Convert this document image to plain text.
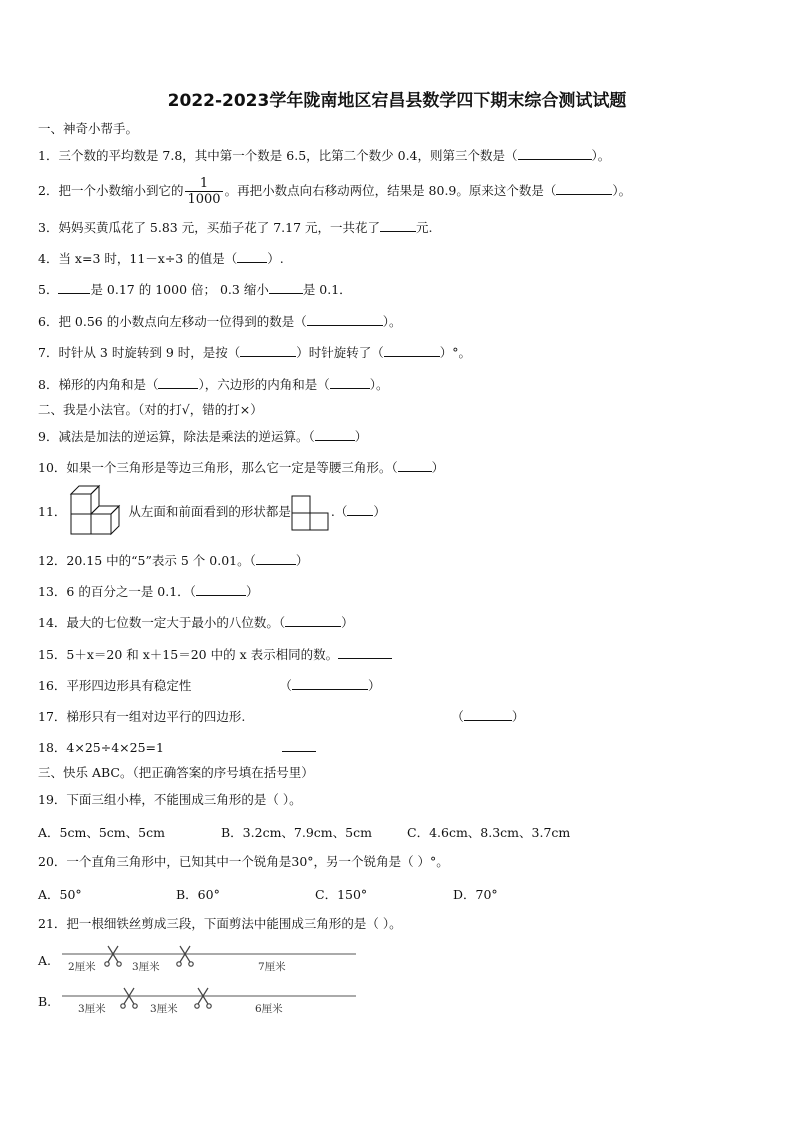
2022-2023学年陇南地区宕昌县数学四下期末综合测试试题
一、神奇小帮手。
1．三个数的平均数是 7.8，其中第一个数是 6.5，比第二个数少 0.4，则第三个数是（	）。
2．把一个小数缩小到它的 $\frac{1}{1000}$ 。再把小数点向右移动两位，结果是 80.9。原来这个数是（	）。
3．妈妈买黄瓜花了 5.83 元，买茄子花了 7.17 元，一共花了	元.
4．当 x=3 时，11－x÷3 的值是（ ）.
5．	是 0.17 的 1000 倍； 0.3 缩小	是 0.1．
6．把 0.56 的小数点向左移动一位得到的数是（	）。
7．时针从 3 时旋转到 9 时，是按（	）时针旋转了（	）°。
8．梯形的内角和是（	），六边形的内角和是（	）。
二、我是小法官。（对的打√，错的打×）
9．减法是加法的逆运算，除法是乘法的逆运算。（	）
10．如果一个三角形是等边三角形，那么它一定是等腰三角形。（	）
11．	从左面和前面看到的形状都是	.（ ）
12．20.15 中的“5”表示 5 个 0.01。（	）
13．6 的百分之一是 0.1．（	）
14．最大的七位数一定大于最小的八位数。（	）
15．5＋x＝20 和 x＋15＝20 中的 x 表示相同的数。
16．平形四边形具有稳定性	（	）
17．梯形只有一组对边平行的四边形.	（	）
18．4×25÷4×25=1
三、快乐 ABC。（把正确答案的序号填在括号里）
19．下面三组小棒，不能围成三角形的是（ ）。
A．5cm、5cm、5cm	B．3.2cm、7.9cm、5cm	C．4.6cm、8.3cm、3.7cm
20．一个直角三角形中，已知其中一个锐角是30°，另一个锐角是（ ）°。
A．50°	B．60°	C．150°	D．70°
21．把一根细铁丝剪成三段，下面剪法中能围成三角形的是（ ）。
A. 2厘米	3厘米	7厘米
B.	3厘米	3厘米	6厘米
